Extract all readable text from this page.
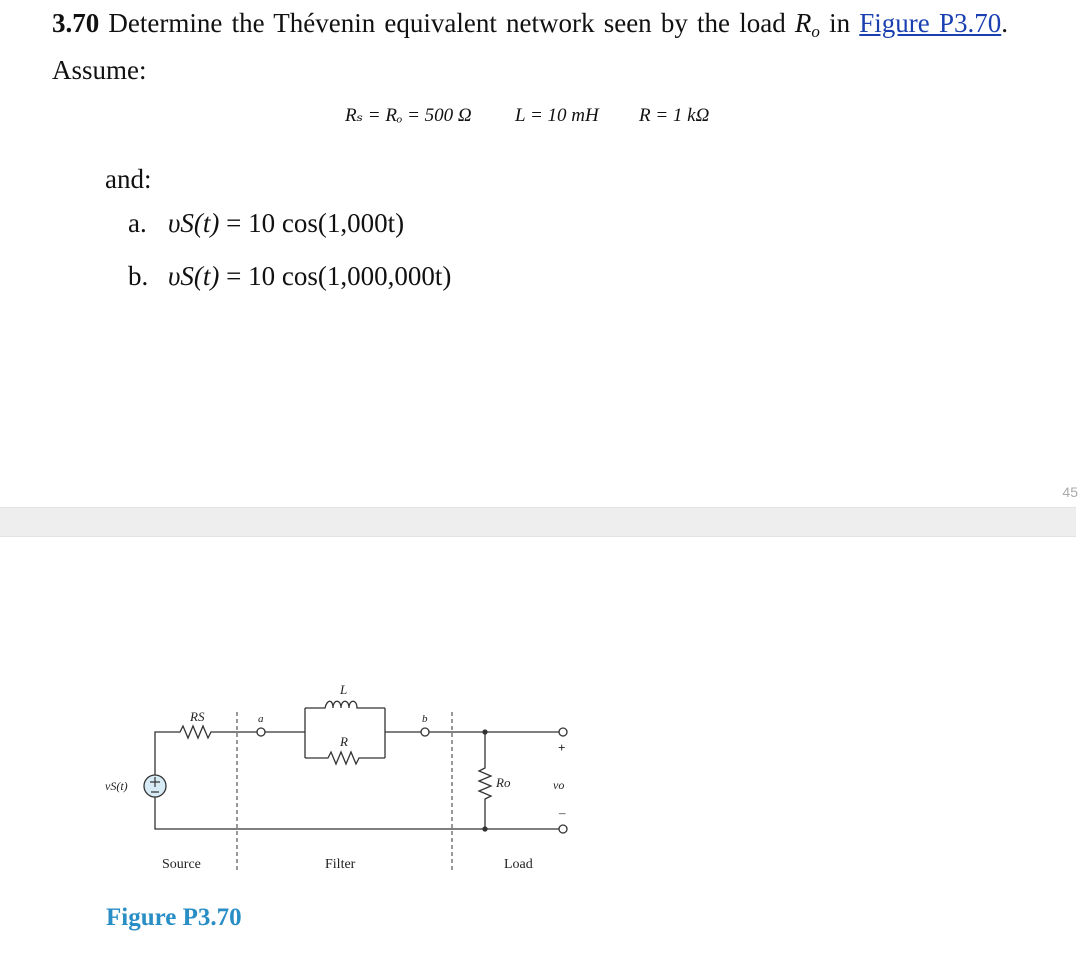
3.70 Determine the Thévenin equivalent network seen by the load $R_o$ in Figure P3.70. Assume:
Rₛ = Rₒ = 500 Ω L = 10 mH R = 1 kΩ
and:
a. υS(t) = 10 cos(1,000t)
b. υS(t) = 10 cos(1,000,000t)
45
RS	a
L
R
b
Ro
vS(t)	vo
+
–
Source	Filter	Load
Figure P3.70
